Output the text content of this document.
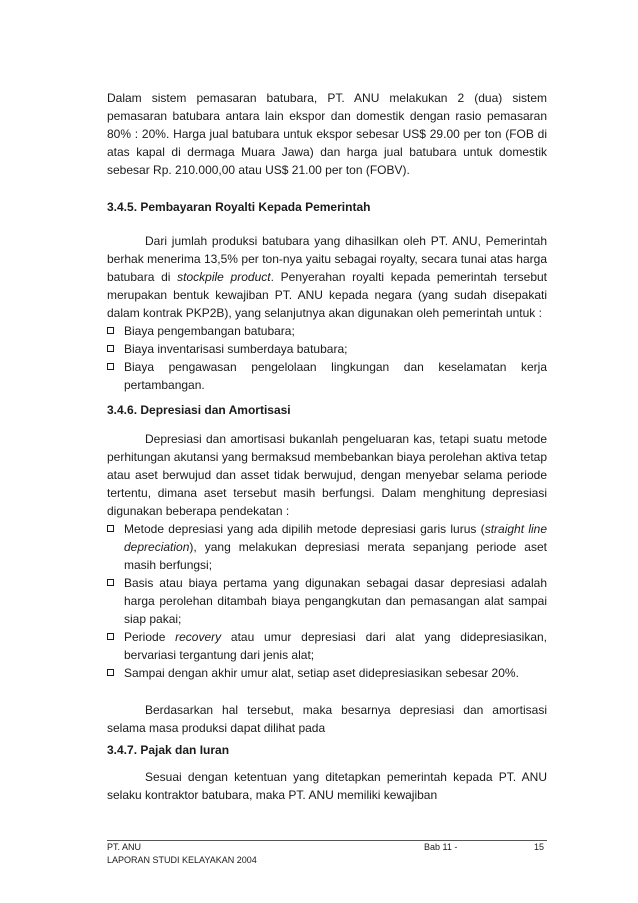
Dalam sistem pemasaran batubara, PT. ANU melakukan 2 (dua) sistem pemasaran batubara antara lain ekspor dan domestik dengan rasio pemasaran 80% : 20%. Harga jual batubara untuk ekspor sebesar US$ 29.00 per ton (FOB di atas kapal di dermaga Muara Jawa) dan harga jual batubara untuk domestik sebesar Rp. 210.000,00 atau US$ 21.00 per ton (FOBV).

3.4.5. Pembayaran Royalti Kepada Pemerintah

Dari jumlah produksi batubara yang dihasilkan oleh PT. ANU, Pemerintah berhak menerima 13,5% per ton-nya yaitu sebagai royalty, secara tunai atas harga batubara di stockpile product. Penyerahan royalti kepada pemerintah tersebut merupakan bentuk kewajiban PT. ANU kepada negara (yang sudah disepakati dalam kontrak PKP2B), yang selanjutnya akan digunakan oleh pemerintah untuk :

Biaya pengembangan batubara;
Biaya inventarisasi sumberdaya batubara;
Biaya pengawasan pengelolaan lingkungan dan keselamatan kerja pertambangan.

3.4.6. Depresiasi dan Amortisasi

Depresiasi dan amortisasi bukanlah pengeluaran kas, tetapi suatu metode perhitungan akutansi yang bermaksud membebankan biaya perolehan aktiva tetap atau aset berwujud dan asset tidak berwujud, dengan menyebar selama periode tertentu, dimana aset tersebut masih berfungsi. Dalam menghitung depresiasi digunakan beberapa pendekatan :

Metode depresiasi yang ada dipilih metode depresiasi garis lurus (straight line depreciation), yang melakukan depresiasi merata sepanjang periode aset masih berfungsi;
Basis atau biaya pertama yang digunakan sebagai dasar depresiasi adalah harga perolehan ditambah biaya pengangkutan dan pemasangan alat sampai siap pakai;
Periode recovery atau umur depresiasi dari alat yang didepresiasikan, bervariasi tergantung dari jenis alat;
Sampai dengan akhir umur alat, setiap aset didepresiasikan sebesar 20%.

Berdasarkan hal tersebut, maka besarnya depresiasi dan amortisasi selama masa produksi dapat dilihat pada

3.4.7. Pajak dan Iuran

Sesuai dengan ketentuan yang ditetapkan pemerintah kepada PT. ANU selaku kontraktor batubara, maka PT. ANU memiliki kewajiban

PT. ANU	Bab 11 -	15
LAPORAN STUDI KELAYAKAN 2004
